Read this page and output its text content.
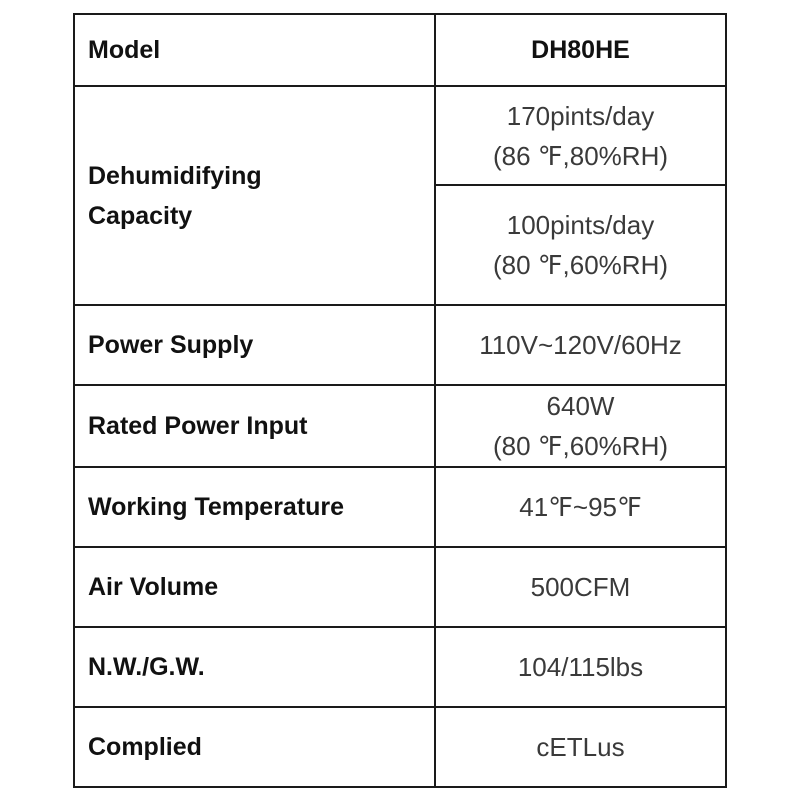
Model	DH80HE

Dehumidifying
Capacity	170pints/day
(86 ℉,80%RH)

	100pints/day
(80 ℉,60%RH)

Power Supply	110V~120V/60Hz
Rated Power Input	640W
(80 ℉,60%RH)

Working Temperature	41℉~95℉
Air Volume	500CFM
N.W./G.W.	104/115lbs
Complied	cETLus
